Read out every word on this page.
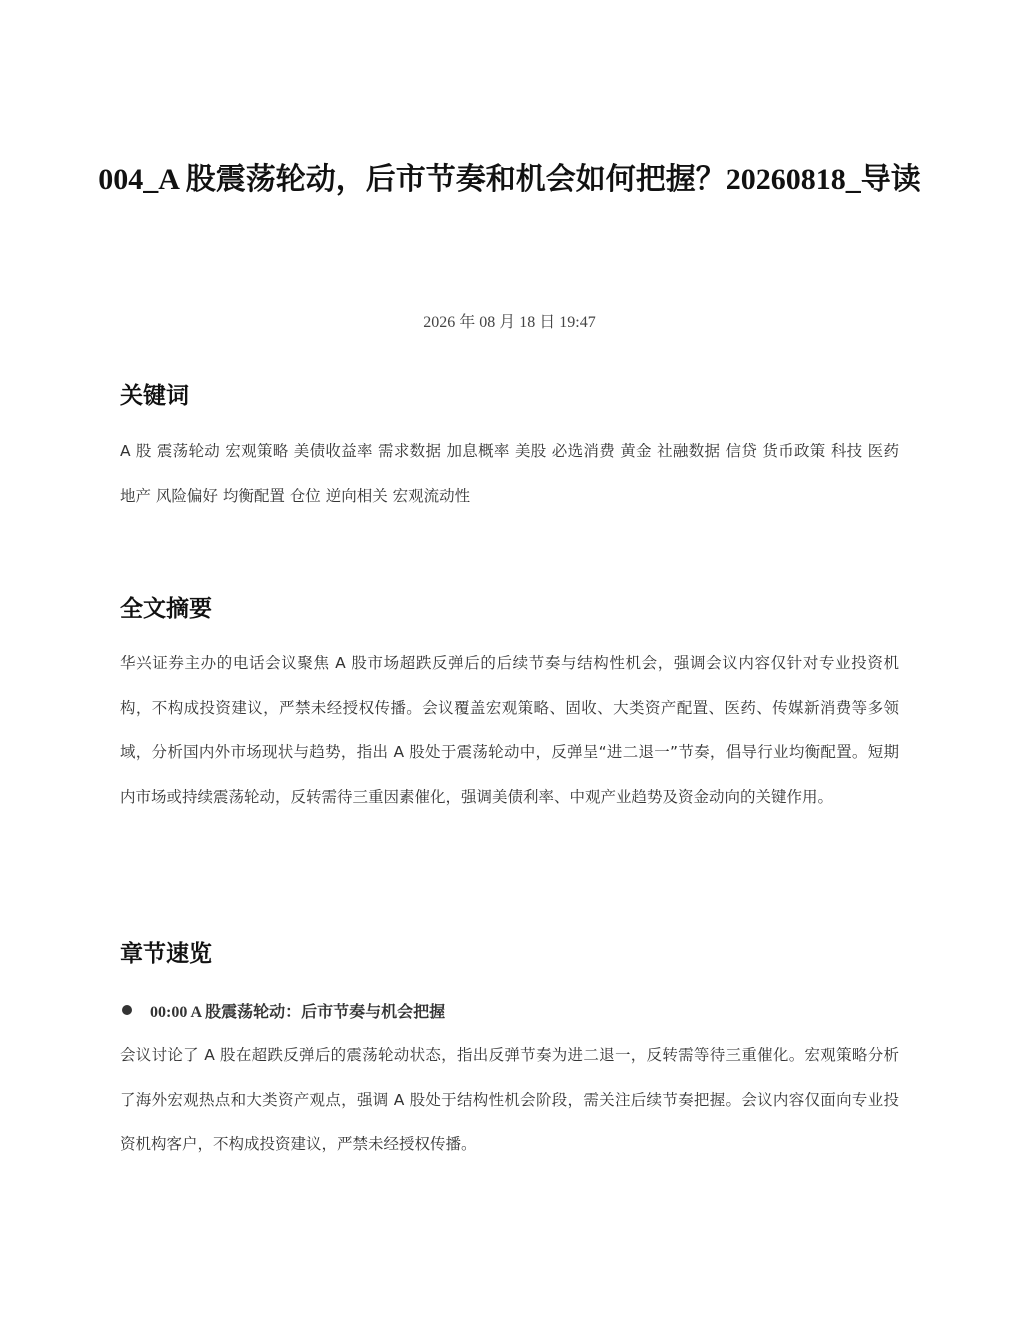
004_A 股震荡轮动，后市节奏和机会如何把握？20260818_导读
2026 年 08 月 18 日 19:47
关键词

A 股 震荡轮动 宏观策略 美债收益率 需求数据 加息概率 美股 必选消费 黄金 社融数据 信贷 货币政策 科技 医药 地产 风险偏好 均衡配置 仓位 逆向相关 宏观流动性

全文摘要

华兴证券主办的电话会议聚焦 A 股市场超跌反弹后的后续节奏与结构性机会，强调会议内容仅针对专业投资机构，不构成投资建议，严禁未经授权传播。会议覆盖宏观策略、固收、大类资产配置、医药、传媒新消费等多领域，分析国内外市场现状与趋势，指出 A 股处于震荡轮动中，反弹呈“进二退一”节奏，倡导行业均衡配置。短期内市场或持续震荡轮动，反转需待三重因素催化，强调美债利率、中观产业趋势及资金动向的关键作用。

章节速览
00:00 A 股震荡轮动：后市节奏与机会把握

会议讨论了 A 股在超跌反弹后的震荡轮动状态，指出反弹节奏为进二退一，反转需等待三重催化。宏观策略分析了海外宏观热点和大类资产观点，强调 A 股处于结构性机会阶段，需关注后续节奏把握。会议内容仅面向专业投资机构客户，不构成投资建议，严禁未经授权传播。
